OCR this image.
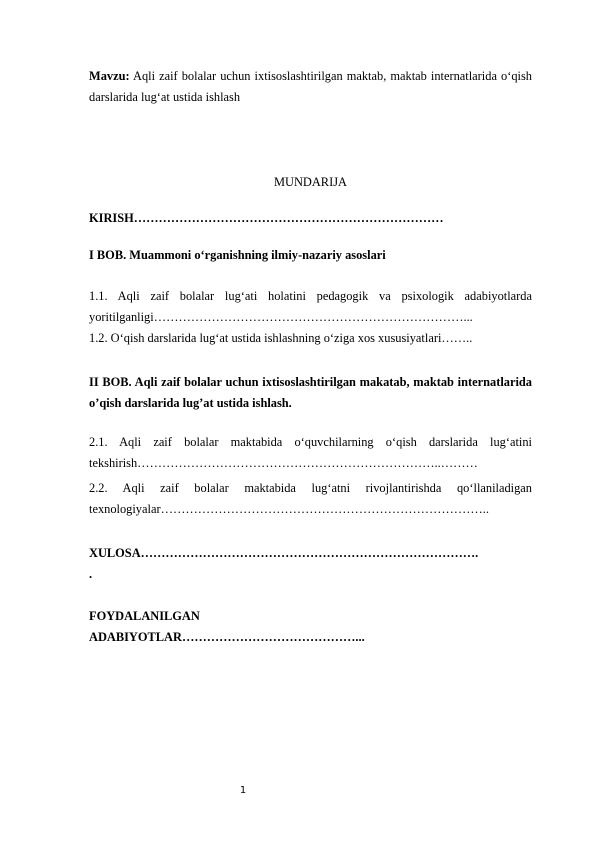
Mavzu: Aqli zaif bolalar uchun ixtisoslashtirilgan maktab, maktab internatlarida o‘qish darslarida lug‘at ustida ishlash
MUNDARIJA
KIRISH…………………………………………………………………
I BOB. Muammoni o‘rganishning ilmiy-nazariy asoslari
1.1. Aqli zaif bolalar lug‘ati holatini pedagogik va psixologik adabiyotlarda yoritilganligi…………………………………………………………………...
1.2. O‘qish darslarida lug‘at ustida ishlashning o‘ziga xos xususiyatlari……..
II BOB. Aqli zaif bolalar uchun ixtisoslashtirilgan makatab, maktab internatlarida o’qish darslarida lug’at ustida ishlash.
2.1. Aqli zaif bolalar maktabida o‘quvchilarning o‘qish darslarida lug‘atini tekshirish………………………………………………………………..………
2.2. Aqli zaif bolalar maktabida lug‘atni rivojlantirishda qo‘llaniladigan texnologiyalar……………………………………………………………………..
XULOSA……………………………………………………………………….
.
FOYDALANILGAN
ADABIYOTLAR……………………………………...
1
